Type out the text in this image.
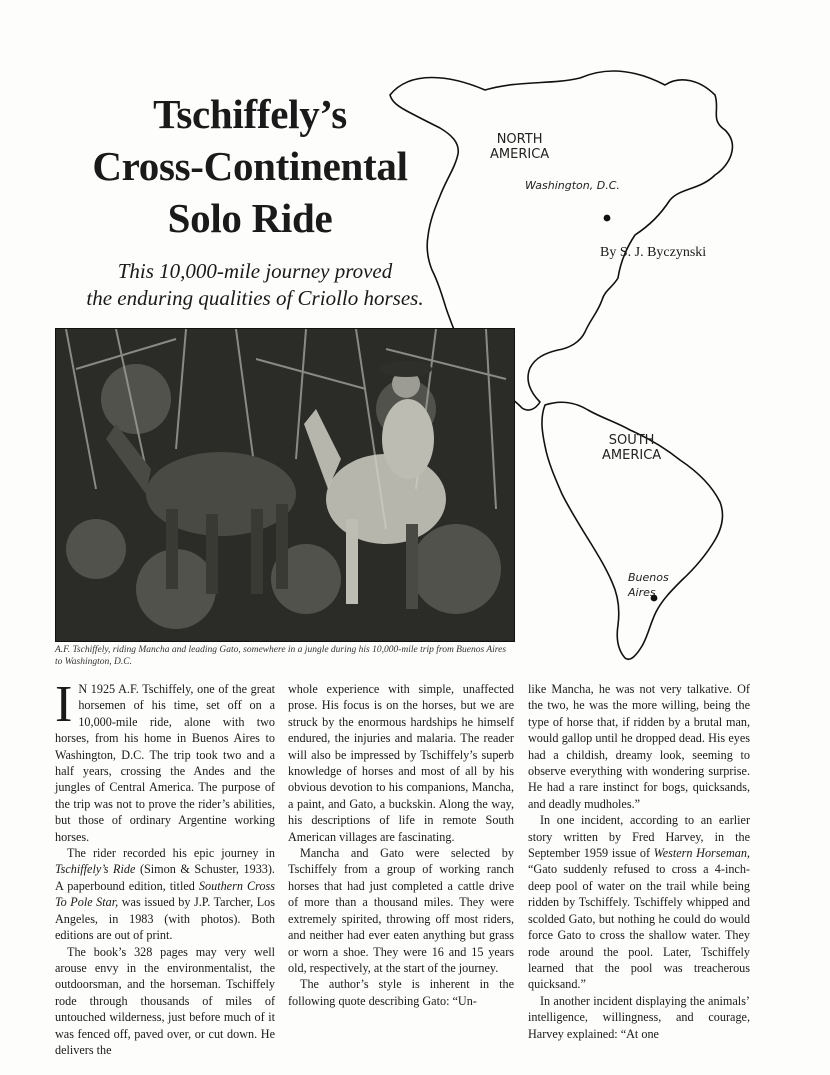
Tschiffely’s
Cross-Continental
Solo Ride
This 10,000-mile journey proved
the enduring qualities of Criollo horses.
NORTH
AMERICA
Washington, D.C.
SOUTH
AMERICA
Buenos
Aires
By S. J. Byczynski
A.F. Tschiffely, riding Mancha and leading Gato, somewhere in a jungle during his 10,000-mile trip from Buenos Aires to Washington, D.C.

I N 1925 A.F. Tschiffely, one of the great horsemen of his time, set off on a 10,000-mile ride, alone with two horses, from his home in Buenos Aires to Washington, D.C. The trip took two and a half years, crossing the Andes and the jungles of Central America. The purpose of the trip was not to prove the rider’s abilities, but those of ordinary Argentine working horses.

The rider recorded his epic journey in Tschiffely’s Ride (Simon & Schuster, 1933). A paperbound edition, titled Southern Cross To Pole Star, was issued by J.P. Tarcher, Los Angeles, in 1983 (with photos). Both editions are out of print.

The book’s 328 pages may very well arouse envy in the environmentalist, the outdoorsman, and the horseman. Tschiffely rode through thousands of miles of untouched wilderness, just before much of it was fenced off, paved over, or cut down. He delivers the

whole experience with simple, unaffected prose. His focus is on the horses, but we are struck by the enormous hardships he himself endured, the injuries and malaria. The reader will also be impressed by Tschiffely’s superb knowledge of horses and most of all by his obvious devotion to his companions, Mancha, a paint, and Gato, a buckskin. Along the way, his descriptions of life in remote South American villages are fascinating.

Mancha and Gato were selected by Tschiffely from a group of working ranch horses that had just completed a cattle drive of more than a thousand miles. They were extremely spirited, throwing off most riders, and neither had ever eaten anything but grass or worn a shoe. They were 16 and 15 years old, respectively, at the start of the journey.

The author’s style is inherent in the following quote describing Gato: “Un-

like Mancha, he was not very talkative. Of the two, he was the more willing, being the type of horse that, if ridden by a brutal man, would gallop until he dropped dead. His eyes had a childish, dreamy look, seeming to observe everything with wondering surprise. He had a rare instinct for bogs, quicksands, and deadly mudholes.”

In one incident, according to an earlier story written by Fred Harvey, in the September 1959 issue of Western Horseman, “Gato suddenly refused to cross a 4-inch-deep pool of water on the trail while being ridden by Tschiffely. Tschiffely whipped and scolded Gato, but nothing he could do would force Gato to cross the shallow water. They rode around the pool. Later, Tschiffely learned that the pool was treacherous quicksand.”

In another incident displaying the animals’ intelligence, willingness, and courage, Harvey explained: “At one
